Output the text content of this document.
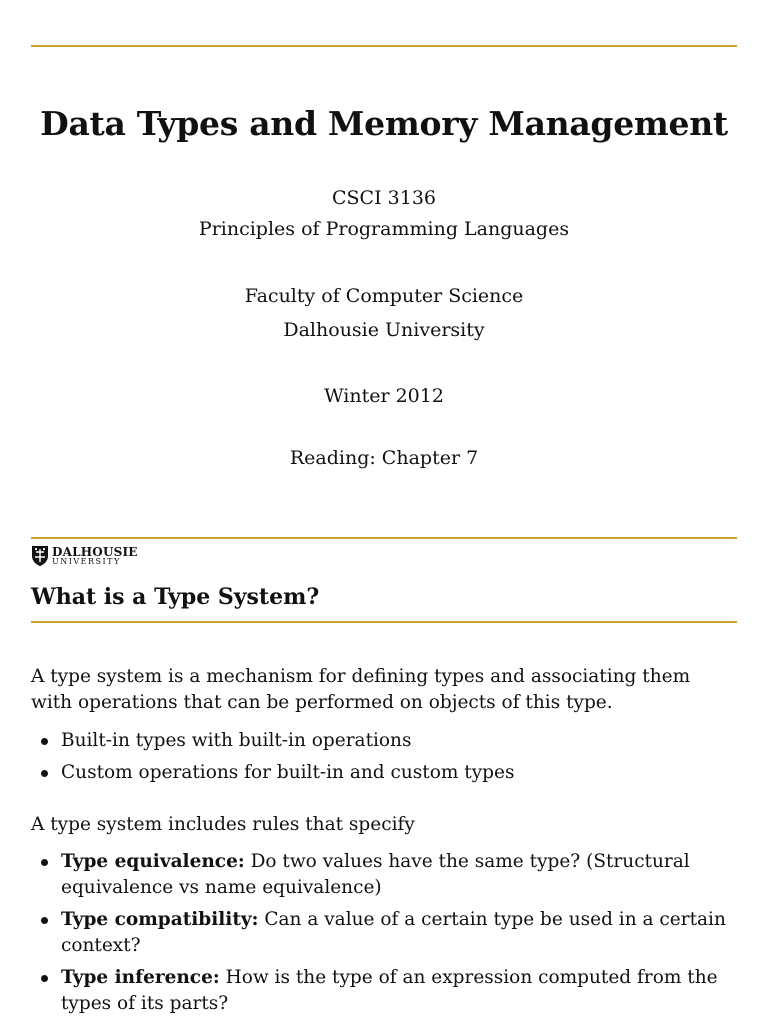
Data Types and Memory Management
CSCI 3136
Principles of Programming Languages
Faculty of Computer Science
Dalhousie University
Winter 2012
Reading: Chapter 7
DALHOUSIE
UNIVERSITY
What is a Type System?
A type system is a mechanism for defining types and associating them with operations that can be performed on objects of this type.
Built-in types with built-in operations
Custom operations for built-in and custom types
A type system includes rules that specify
Type equivalence: Do two values have the same type? (Structural equivalence vs name equivalence)
Type compatibility: Can a value of a certain type be used in a certain context?
Type inference: How is the type of an expression computed from the types of its parts?
